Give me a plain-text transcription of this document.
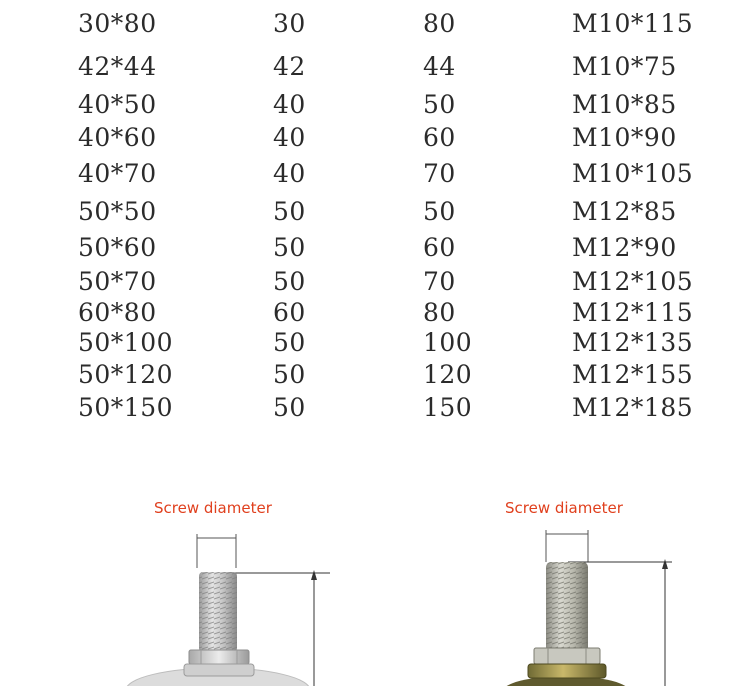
30*80	30	80	M10*115
42*44	42	44	M10*75
40*50	40	50	M10*85
40*60	40	60	M10*90
40*70	40	70	M10*105
50*50	50	50	M12*85
50*60	50	60	M12*90
50*70	50	70	M12*105
60*80	60	80	M12*115
50*100	50	100	M12*135
50*120	50	120	M12*155
50*150	50	150	M12*185
Screw diameter	Screw diameter
